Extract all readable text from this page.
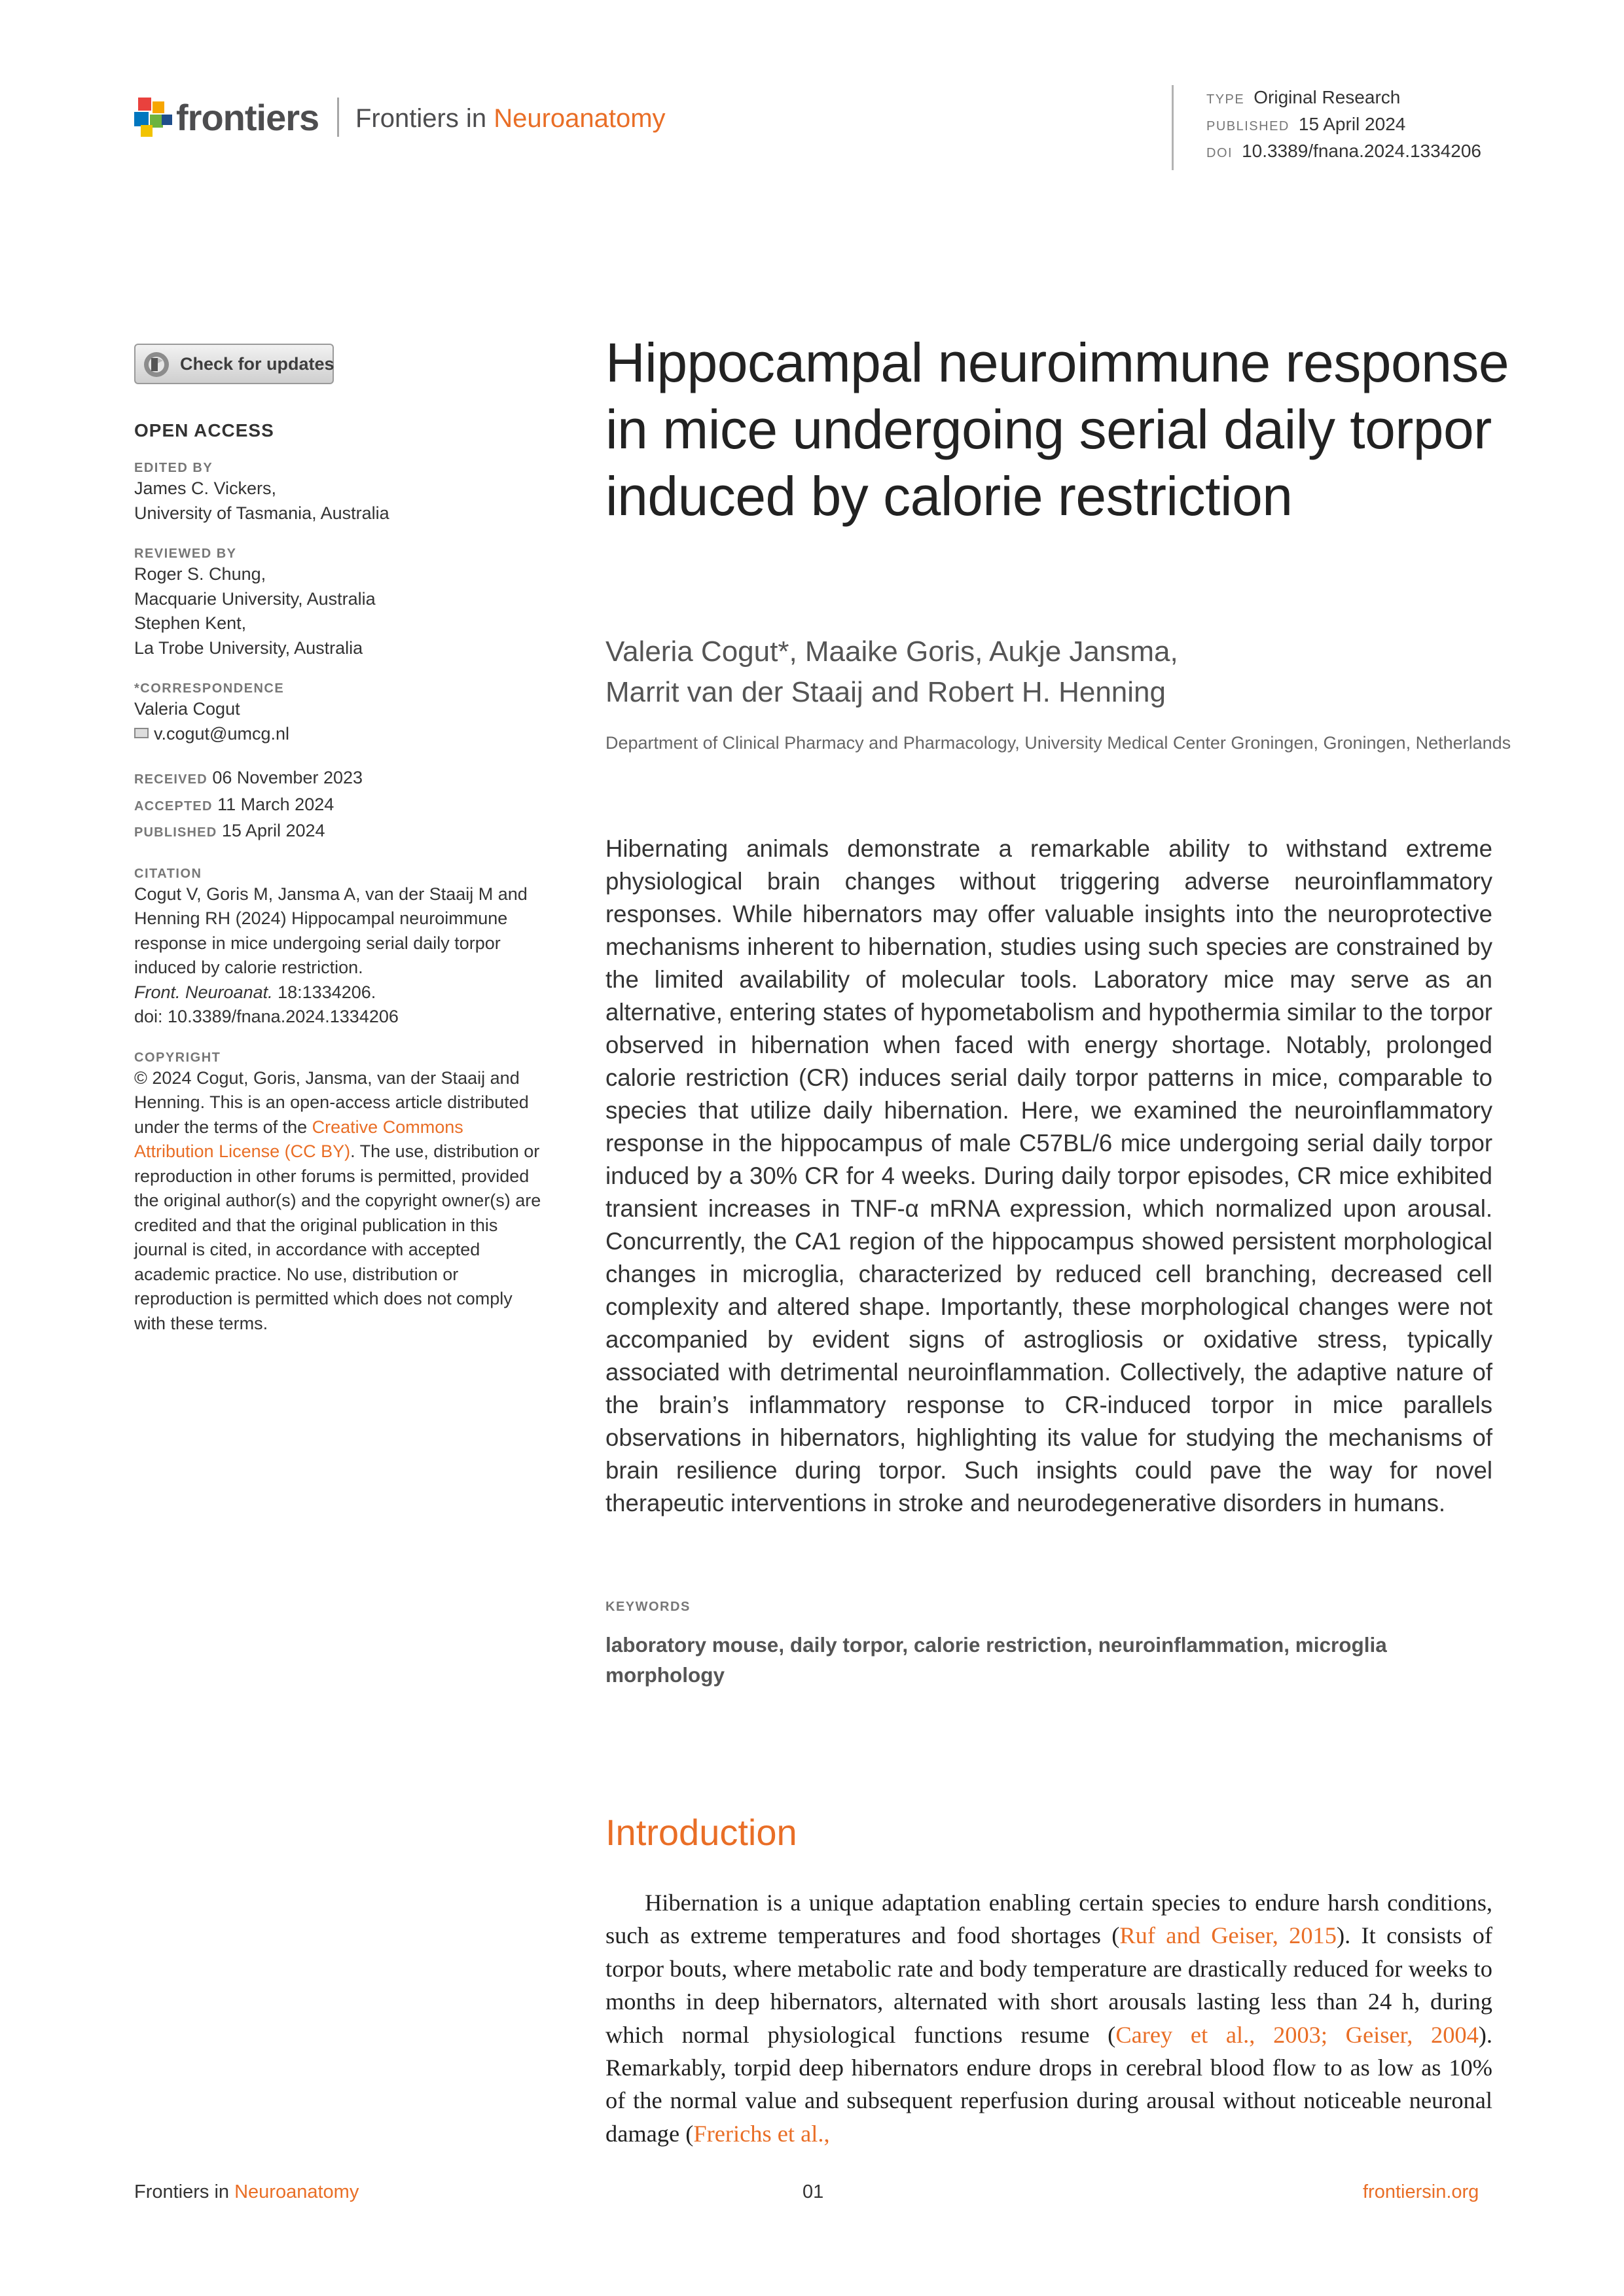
frontiers Frontiers in Neuroanatomy
TYPE Original Research
PUBLISHED 15 April 2024
DOI 10.3389/fnana.2024.1334206
Check for updates
OPEN ACCESS
EDITED BY
James C. Vickers,
University of Tasmania, Australia
REVIEWED BY
Roger S. Chung,
Macquarie University, Australia
Stephen Kent,
La Trobe University, Australia
*CORRESPONDENCE
Valeria Cogut
v.cogut@umcg.nl
RECEIVED 06 November 2023
ACCEPTED 11 March 2024
PUBLISHED 15 April 2024
CITATION
Cogut V, Goris M, Jansma A, van der Staaij M and Henning RH (2024) Hippocampal neuroimmune response in mice undergoing serial daily torpor induced by calorie restriction.
Front. Neuroanat. 18:1334206.
doi: 10.3389/fnana.2024.1334206
COPYRIGHT
© 2024 Cogut, Goris, Jansma, van der Staaij and Henning. This is an open-access article distributed under the terms of the Creative Commons Attribution License (CC BY). The use, distribution or reproduction in other forums is permitted, provided the original author(s) and the copyright owner(s) are credited and that the original publication in this journal is cited, in accordance with accepted academic practice. No use, distribution or reproduction is permitted which does not comply with these terms.
Hippocampal neuroimmune response in mice undergoing serial daily torpor induced by calorie restriction
Valeria Cogut*, Maaike Goris, Aukje Jansma,
Marrit van der Staaij and Robert H. Henning
Department of Clinical Pharmacy and Pharmacology, University Medical Center Groningen, Groningen, Netherlands
Hibernating animals demonstrate a remarkable ability to withstand extreme physiological brain changes without triggering adverse neuroinflammatory responses. While hibernators may offer valuable insights into the neuroprotective mechanisms inherent to hibernation, studies using such species are constrained by the limited availability of molecular tools. Laboratory mice may serve as an alternative, entering states of hypometabolism and hypothermia similar to the torpor observed in hibernation when faced with energy shortage. Notably, prolonged calorie restriction (CR) induces serial daily torpor patterns in mice, comparable to species that utilize daily hibernation. Here, we examined the neuroinflammatory response in the hippocampus of male C57BL/6 mice undergoing serial daily torpor induced by a 30% CR for 4 weeks. During daily torpor episodes, CR mice exhibited transient increases in TNF-α mRNA expression, which normalized upon arousal. Concurrently, the CA1 region of the hippocampus showed persistent morphological changes in microglia, characterized by reduced cell branching, decreased cell complexity and altered shape. Importantly, these morphological changes were not accompanied by evident signs of astrogliosis or oxidative stress, typically associated with detrimental neuroinflammation. Collectively, the adaptive nature of the brain’s inflammatory response to CR-induced torpor in mice parallels observations in hibernators, highlighting its value for studying the mechanisms of brain resilience during torpor. Such insights could pave the way for novel therapeutic interventions in stroke and neurodegenerative disorders in humans.
KEYWORDS
laboratory mouse, daily torpor, calorie restriction, neuroinflammation, microglia morphology
Introduction
Hibernation is a unique adaptation enabling certain species to endure harsh conditions, such as extreme temperatures and food shortages (Ruf and Geiser, 2015). It consists of torpor bouts, where metabolic rate and body temperature are drastically reduced for weeks to months in deep hibernators, alternated with short arousals lasting less than 24 h, during which normal physiological functions resume (Carey et al., 2003; Geiser, 2004). Remarkably, torpid deep hibernators endure drops in cerebral blood flow to as low as 10% of the normal value and subsequent reperfusion during arousal without noticeable neuronal damage (Frerichs et al.,
Frontiers in Neuroanatomy	01	frontiersin.org
